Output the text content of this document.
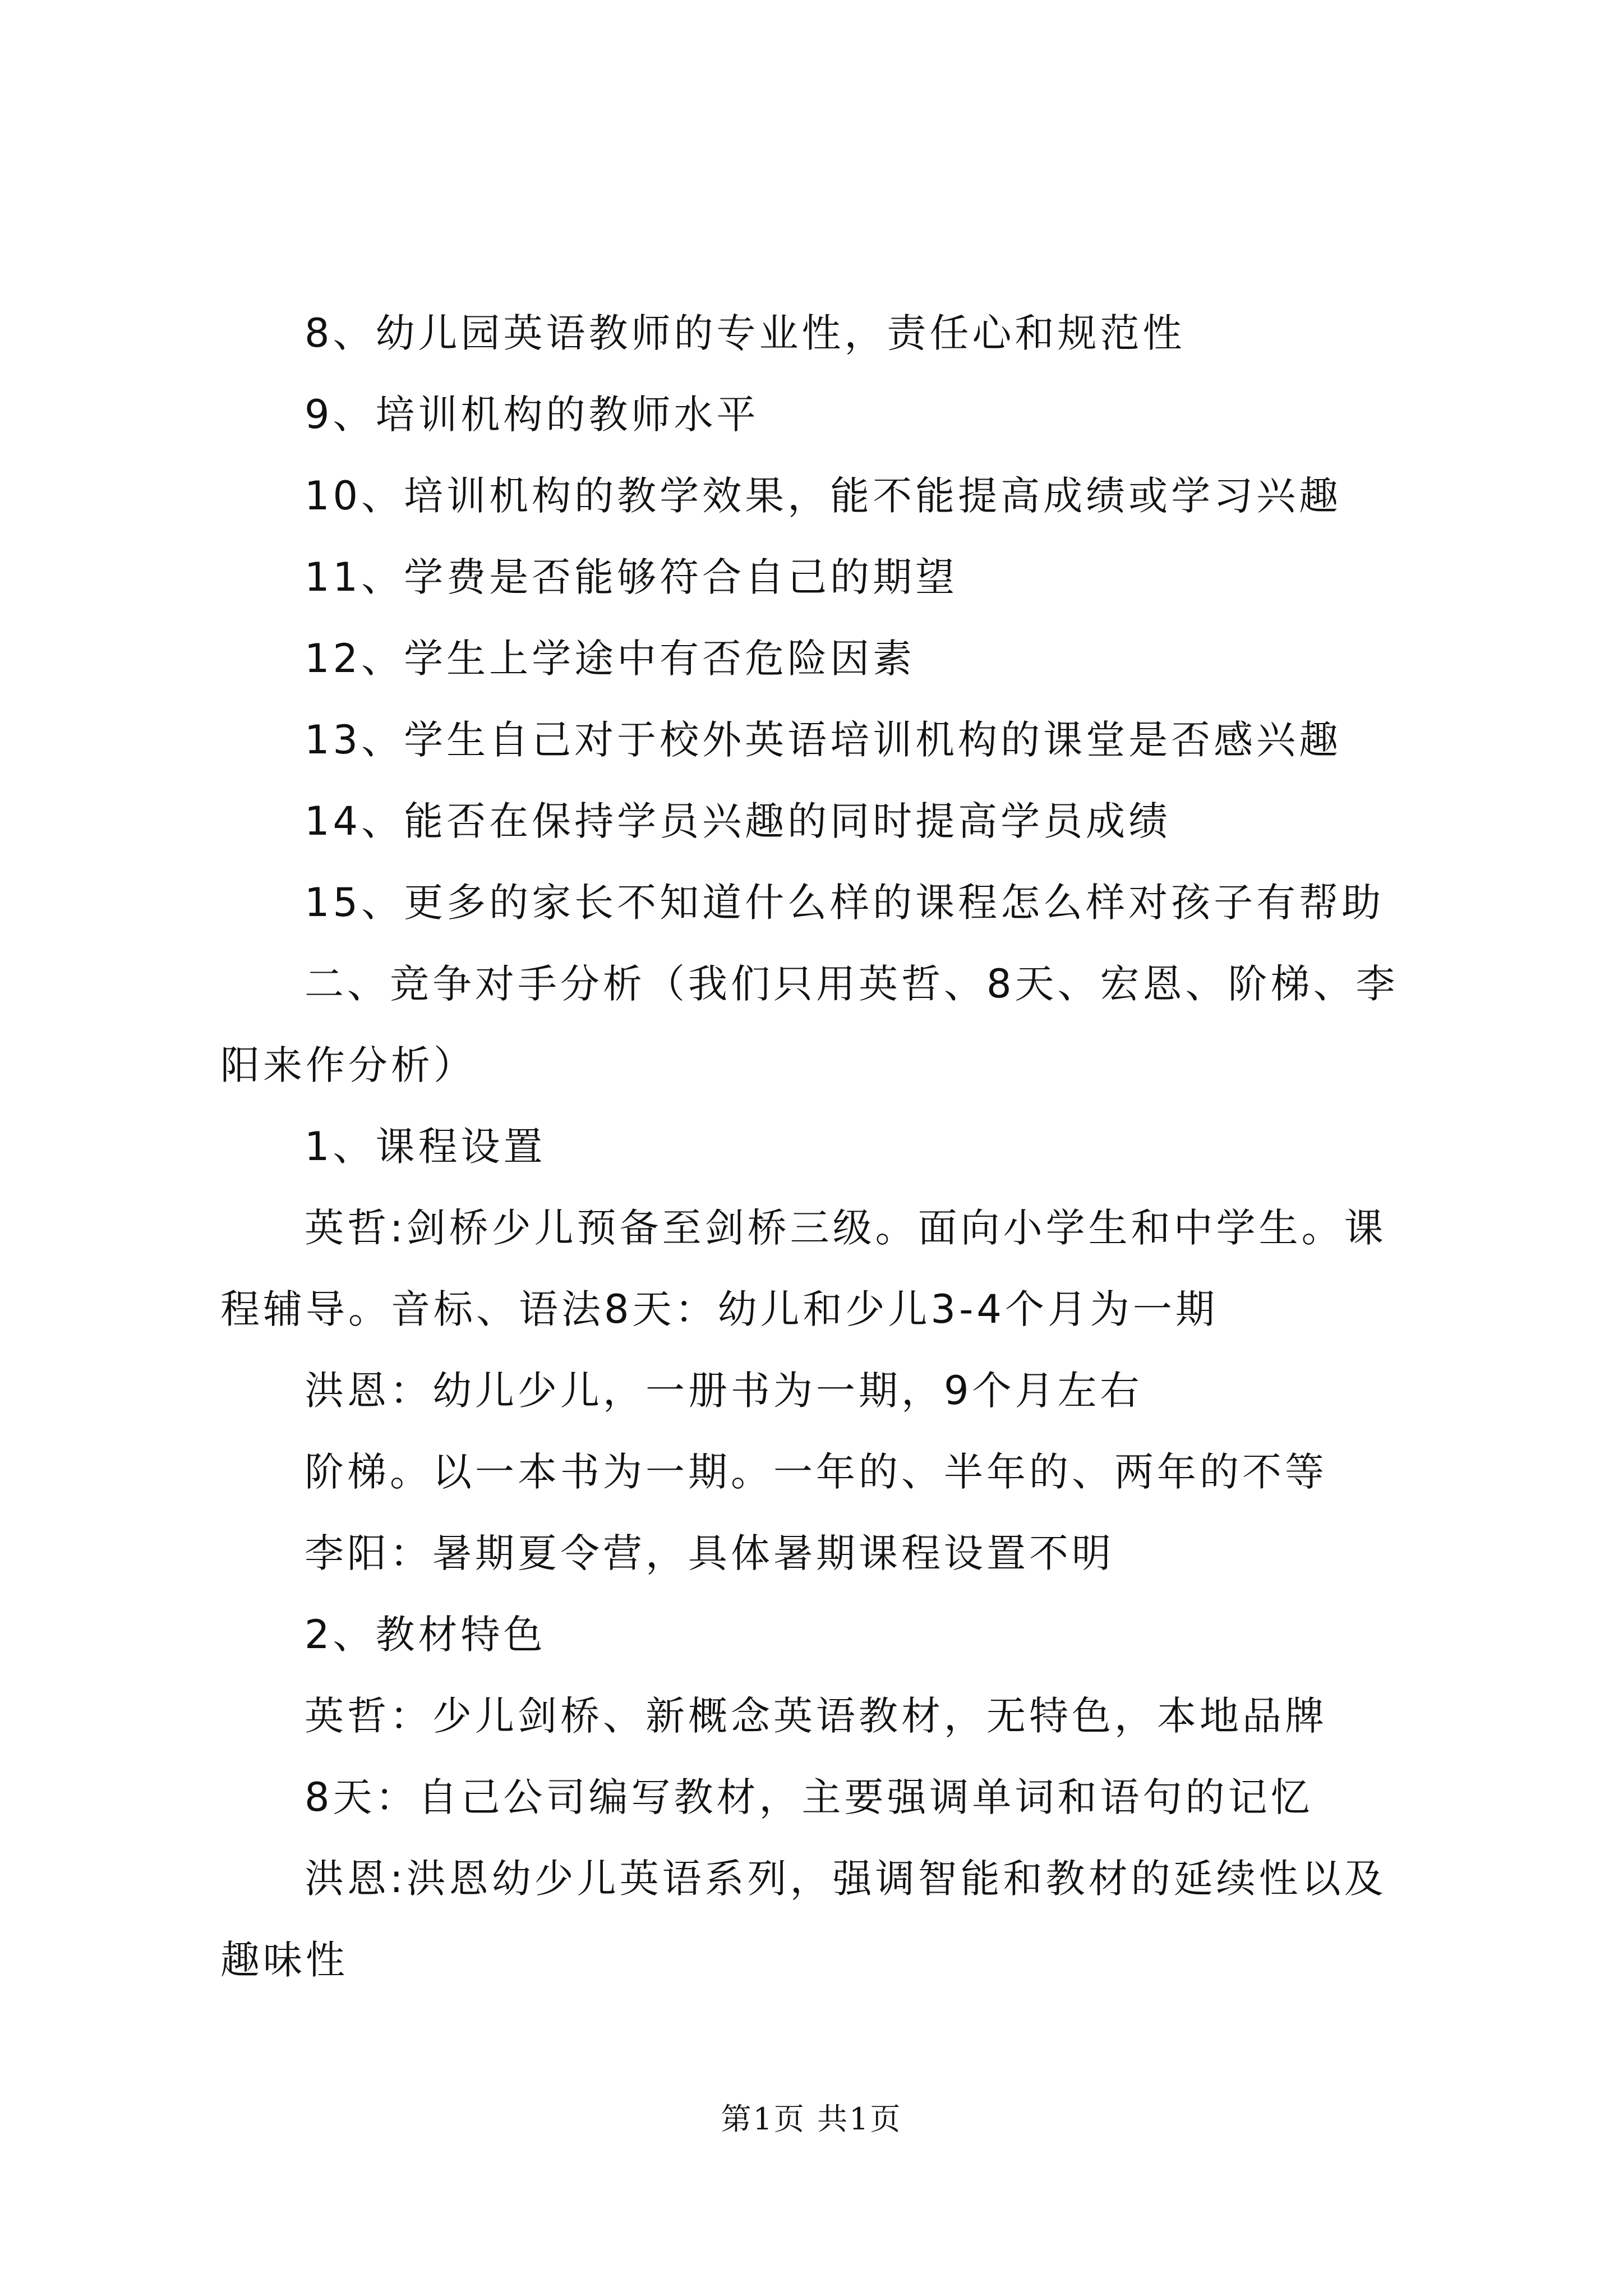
8、幼儿园英语教师的专业性，责任心和规范性
9、培训机构的教师水平
10、培训机构的教学效果，能不能提高成绩或学习兴趣
11、学费是否能够符合自己的期望
12、学生上学途中有否危险因素
13、学生自己对于校外英语培训机构的课堂是否感兴趣
14、能否在保持学员兴趣的同时提高学员成绩
15、更多的家长不知道什么样的课程怎么样对孩子有帮助
二、竞争对手分析（我们只用英哲、8天、宏恩、阶梯、李
阳来作分析）
1、课程设置
英哲:剑桥少儿预备至剑桥三级。面向小学生和中学生。课
程辅导。音标、语法8天：幼儿和少儿3-4个月为一期
洪恩：幼儿少儿，一册书为一期，9个月左右
阶梯。以一本书为一期。一年的、半年的、两年的不等
李阳：暑期夏令营，具体暑期课程设置不明
2、教材特色
英哲：少儿剑桥、新概念英语教材，无特色，本地品牌
8天：自己公司编写教材，主要强调单词和语句的记忆
洪恩:洪恩幼少儿英语系列，强调智能和教材的延续性以及
趣味性
第1页 共1页
